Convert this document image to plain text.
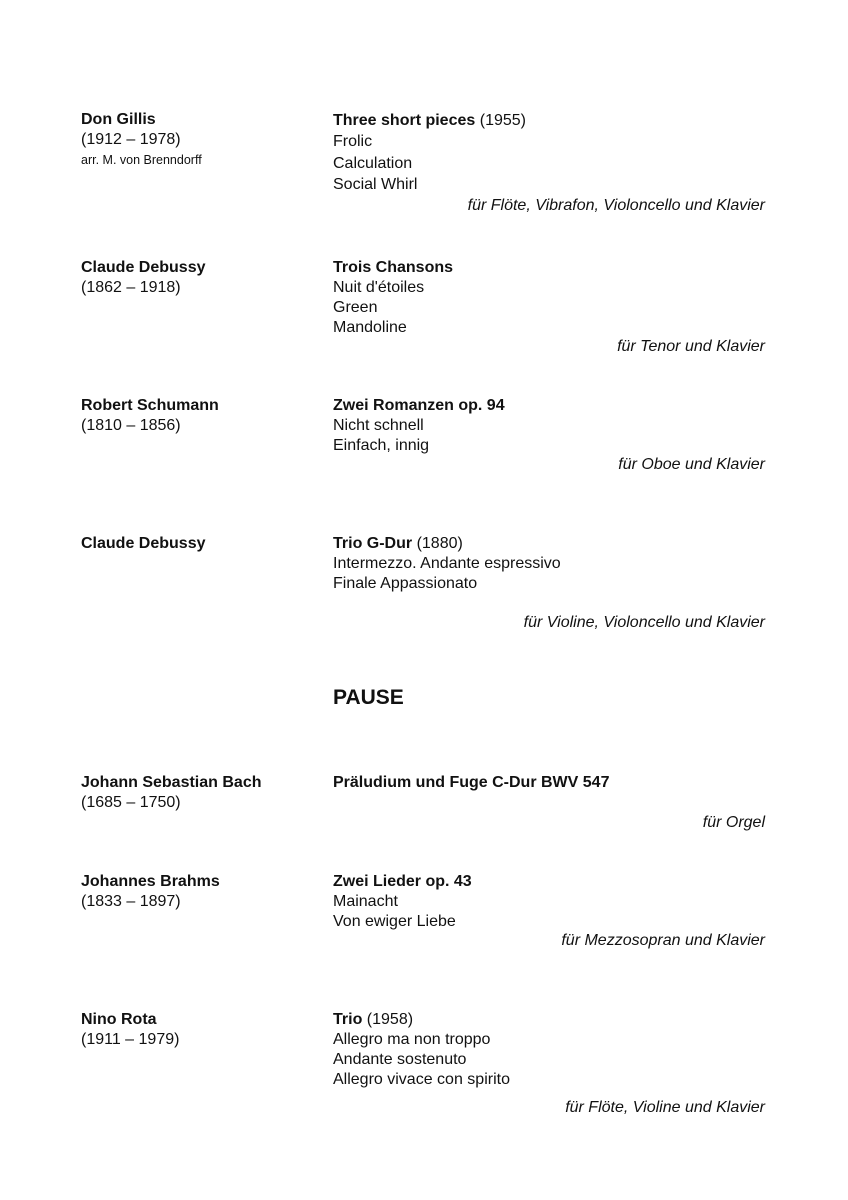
Don Gillis
(1912 – 1978)
arr. M. von Brenndorff
Three short pieces (1955)
Frolic
Calculation
Social Whirl
für Flöte, Vibrafon, Violoncello und Klavier
Claude Debussy
(1862 – 1918)
Trois Chansons
Nuit d'étoiles
Green
Mandoline
für Tenor und Klavier
Robert Schumann
(1810 – 1856)
Zwei Romanzen op. 94
Nicht schnell
Einfach, innig
für Oboe und Klavier
Claude Debussy	Trio G-Dur (1880)
Intermezzo. Andante espressivo
Finale Appassionato
für Violine, Violoncello und Klavier
PAUSE
Johann Sebastian Bach
(1685 – 1750)
Präludium und Fuge C-Dur BWV 547
für Orgel
Johannes Brahms
(1833 – 1897)
Zwei Lieder op. 43
Mainacht
Von ewiger Liebe
für Mezzosopran und Klavier
Nino Rota
(1911 – 1979)
Trio (1958)
Allegro ma non troppo
Andante sostenuto
Allegro vivace con spirito
für Flöte, Violine und Klavier
